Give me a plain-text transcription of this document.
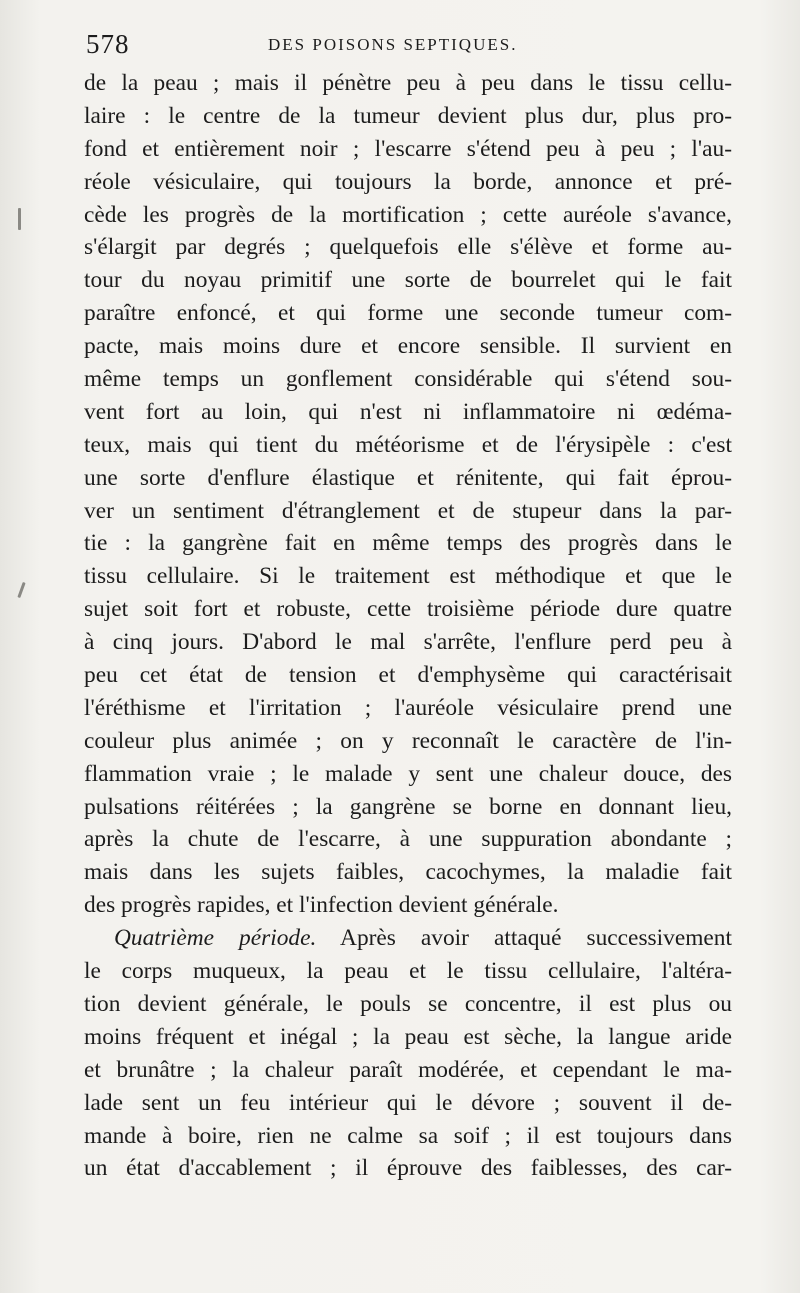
578	DES POISONS SEPTIQUES.
de la peau ; mais il pénètre peu à peu dans le tissu cellu-
laire : le centre de la tumeur devient plus dur, plus pro-
fond et entièrement noir ; l'escarre s'étend peu à peu ; l'au-
réole vésiculaire, qui toujours la borde, annonce et pré-
cède les progrès de la mortification ; cette auréole s'avance,
s'élargit par degrés ; quelquefois elle s'élève et forme au-
tour du noyau primitif une sorte de bourrelet qui le fait
paraître enfoncé, et qui forme une seconde tumeur com-
pacte, mais moins dure et encore sensible. Il survient en
même temps un gonflement considérable qui s'étend sou-
vent fort au loin, qui n'est ni inflammatoire ni œdéma-
teux, mais qui tient du météorisme et de l'érysipèle : c'est
une sorte d'enflure élastique et rénitente, qui fait éprou-
ver un sentiment d'étranglement et de stupeur dans la par-
tie : la gangrène fait en même temps des progrès dans le
tissu cellulaire. Si le traitement est méthodique et que le
sujet soit fort et robuste, cette troisième période dure quatre
à cinq jours. D'abord le mal s'arrête, l'enflure perd peu à
peu cet état de tension et d'emphysème qui caractérisait
l'éréthisme et l'irritation ; l'auréole vésiculaire prend une
couleur plus animée ; on y reconnaît le caractère de l'in-
flammation vraie ; le malade y sent une chaleur douce, des
pulsations réitérées ; la gangrène se borne en donnant lieu,
après la chute de l'escarre, à une suppuration abondante ;
mais dans les sujets faibles, cacochymes, la maladie fait
des progrès rapides, et l'infection devient générale.
Quatrième période. Après avoir attaqué successivement
le corps muqueux, la peau et le tissu cellulaire, l'altéra-
tion devient générale, le pouls se concentre, il est plus ou
moins fréquent et inégal ; la peau est sèche, la langue aride
et brunâtre ; la chaleur paraît modérée, et cependant le ma-
lade sent un feu intérieur qui le dévore ; souvent il de-
mande à boire, rien ne calme sa soif ; il est toujours dans
un état d'accablement ; il éprouve des faiblesses, des car-
